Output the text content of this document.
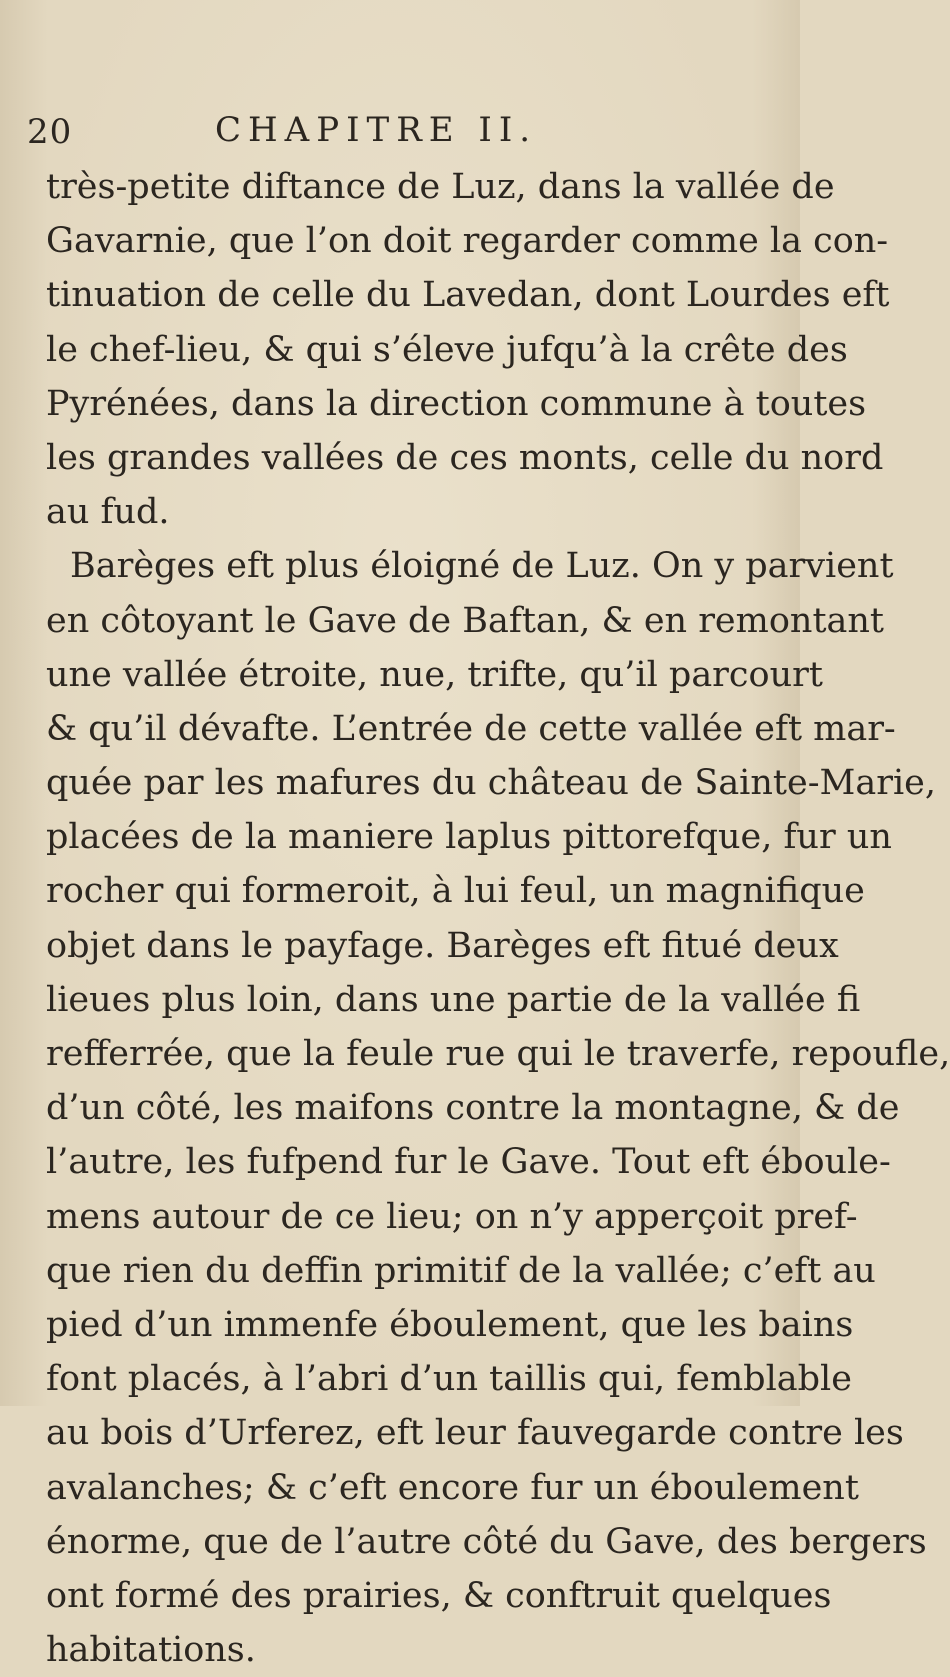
20	CHAPITRE II.
très-petite diftance de Luz, dans la vallée de
Gavarnie, que l’on doit regarder comme la con-
tinuation de celle du Lavedan, dont Lourdes eft
le chef-lieu, & qui s’éleve jufqu’à la crête des
Pyrénées, dans la direction commune à toutes
les grandes vallées de ces monts, celle du nord
au fud.
Barèges eft plus éloigné de Luz. On y parvient
en côtoyant le Gave de Baftan, & en remontant
une vallée étroite, nue, trifte, qu’il parcourt
& qu’il dévafte. L’entrée de cette vallée eft mar-
quée par les mafures du château de Sainte-Marie,
placées de la maniere laplus pittorefque, fur un
rocher qui formeroit, à lui feul, un magnifique
objet dans le payfage. Barèges eft fitué deux
lieues plus loin, dans une partie de la vallée fi
refferrée, que la feule rue qui le traverfe, repoufle,
d’un côté, les maifons contre la montagne, & de
l’autre, les fufpend fur le Gave. Tout eft éboule-
mens autour de ce lieu; on n’y apperçoit pref-
que rien du deffin primitif de la vallée; c’eft au
pied d’un immenfe éboulement, que les bains
font placés, à l’abri d’un taillis qui, femblable
au bois d’Urferez, eft leur fauvegarde contre les
avalanches; & c’eft encore fur un éboulement
énorme, que de l’autre côté du Gave, des bergers
ont formé des prairies, & conftruit quelques
habitations.
